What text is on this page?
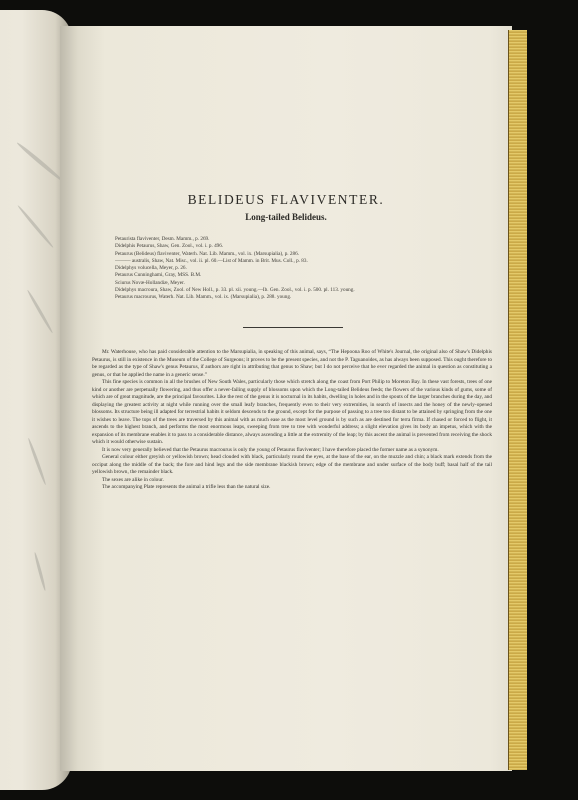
BELIDEUS FLAVIVENTER.
Long-tailed Belideus.
Petaurista flaviventer, Desm. Mamm., p. 269.
Didelphis Petaurus, Shaw, Gen. Zool., vol. i. p. 496.
Petaurus (Belideus) flaviventer, Waterh. Nat. Lib. Mamm., vol. ix. (Marsupialia), p. 286.
——— australis, Shaw, Nat. Misc., vol. ii. pl. 60.—List of Mamm. in Brit. Mus. Coll., p. 83.
Didelphys volucella, Meyer, p. 26.
Petaurus Cunninghami, Gray, MSS. B.M.
Sciurus Novæ-Hollandiæ, Meyer.
Didelphys macroura, Shaw, Zool. of New Holl., p. 33. pl. xii. young.—Ib. Gen. Zool., vol. i. p. 500. pl. 113. young.
Petaurus macrourus, Waterh. Nat. Lib. Mamm., vol. ix. (Marsupialia), p. 288. young.

Mr. Waterhouse, who has paid considerable attention to the Marsupialia, in speaking of this animal, says, “The Hepoona Roo of White's Journal, the original also of Shaw's Didelphis Petaurus, is still in existence in the Museum of the College of Surgeons; it proves to be the present species, and not the P. Taguanoides, as has always been supposed. This ought therefore to be regarded as the type of Shaw's genus Petaurus, if authors are right in attributing that genus to Shaw; but I do not perceive that he ever regarded the animal in question as constituting a genus, or that he applied the name in a generic sense.”

This fine species is common in all the brushes of New South Wales, particularly those which stretch along the coast from Port Philip to Moreton Bay. In these vast forests, trees of one kind or another are perpetually flowering, and thus offer a never-failing supply of blossoms upon which the Long-tailed Belideus feeds; the flowers of the various kinds of gums, some of which are of great magnitude, are the principal favourites. Like the rest of the genus it is nocturnal in its habits, dwelling in holes and in the spouts of the larger branches during the day, and displaying the greatest activity at night while running over the small leafy branches, frequently even to their very extremities, in search of insects and the honey of the newly-opened blossoms. Its structure being ill adapted for terrestrial habits it seldom descends to the ground, except for the purpose of passing to a tree too distant to be attained by springing from the one it wishes to leave. The tops of the trees are traversed by this animal with as much ease as the most level ground is by such as are destined for terra firma. If chased or forced to flight, it ascends to the highest branch, and performs the most enormous leaps, sweeping from tree to tree with wonderful address; a slight elevation gives its body an impetus, which with the expansion of its membrane enables it to pass to a considerable distance, always ascending a little at the extremity of the leap; by this ascent the animal is prevented from receiving the shock which it would otherwise sustain.

It is now very generally believed that the Petaurus macrourus is only the young of Petaurus flaviventer; I have therefore placed the former name as a synonym.

General colour either greyish or yellowish brown; head clouded with black, particularly round the eyes, at the base of the ear, on the muzzle and chin; a black mark extends from the occiput along the middle of the back; the fore and hind legs and the side membrane blackish brown; edge of the membrane and under surface of the body buff; basal half of the tail yellowish brown, the remainder black.

The sexes are alike in colour.

The accompanying Plate represents the animal a trifle less than the natural size.
